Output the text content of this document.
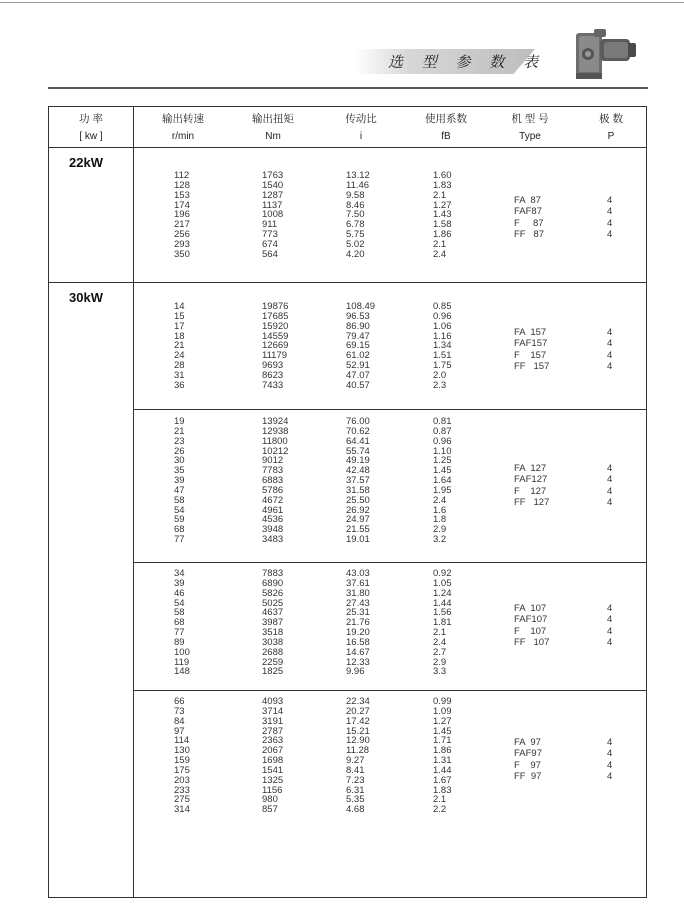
选 型 参 数 表
功 率
[ kw ]
输出转速
r/min
输出扭矩
Nm
传动比
i
使用系数
fB
机 型 号
Type
极 数
P
22kW
30kW
112
128
153
174
196
217
256
293
350
1763
1540
1287
1137
1008
911
773
674
564
13.12
11.46
9.58
8.46
7.50
6.78
5.75
5.02
4.20
1.60
1.83
2.1
1.27
1.43
1.58
1.86
2.1
2.4
FA  87
FAF87
F     87
FF   87
4
4
4
4
14
15
17
18
21
24
28
31
36
19876
17685
15920
14559
12669
11179
9693
8623
7433
108.49
96.53
86.90
79.47
69.15
61.02
52.91
47.07
40.57
0.85
0.96
1.06
1.16
1.34
1.51
1.75
2.0
2.3
FA  157
FAF157
F    157
FF   157
4
4
4
4
19
21
23
26
30
35
39
47
58
54
59
68
77
13924
12938
11800
10212
9012
7783
6883
5786
4672
4961
4536
3948
3483
76.00
70.62
64.41
55.74
49.19
42.48
37.57
31.58
25.50
26.92
24.97
21.55
19.01
0.81
0.87
0.96
1.10
1.25
1.45
1.64
1.95
2.4
1.6
1.8
2.9
3.2
FA  127
FAF127
F    127
FF   127
4
4
4
4
34
39
46
54
58
68
77
89
100
119
148
7883
6890
5826
5025
4637
3987
3518
3038
2688
2259
1825
43.03
37.61
31.80
27.43
25.31
21.76
19.20
16.58
14.67
12.33
9.96
0.92
1.05
1.24
1.44
1.56
1.81
2.1
2.4
2.7
2.9
3.3
FA  107
FAF107
F    107
FF   107
4
4
4
4
66
73
84
97
114
130
159
175
203
233
275
314
4093
3714
3191
2787
2363
2067
1698
1541
1325
1156
980
857
22.34
20.27
17.42
15.21
12.90
11.28
9.27
8.41
7.23
6.31
5.35
4.68
0.99
1.09
1.27
1.45
1.71
1.86
1.31
1.44
1.67
1.83
2.1
2.2
FA  97
FAF97
F    97
FF  97
4
4
4
4
